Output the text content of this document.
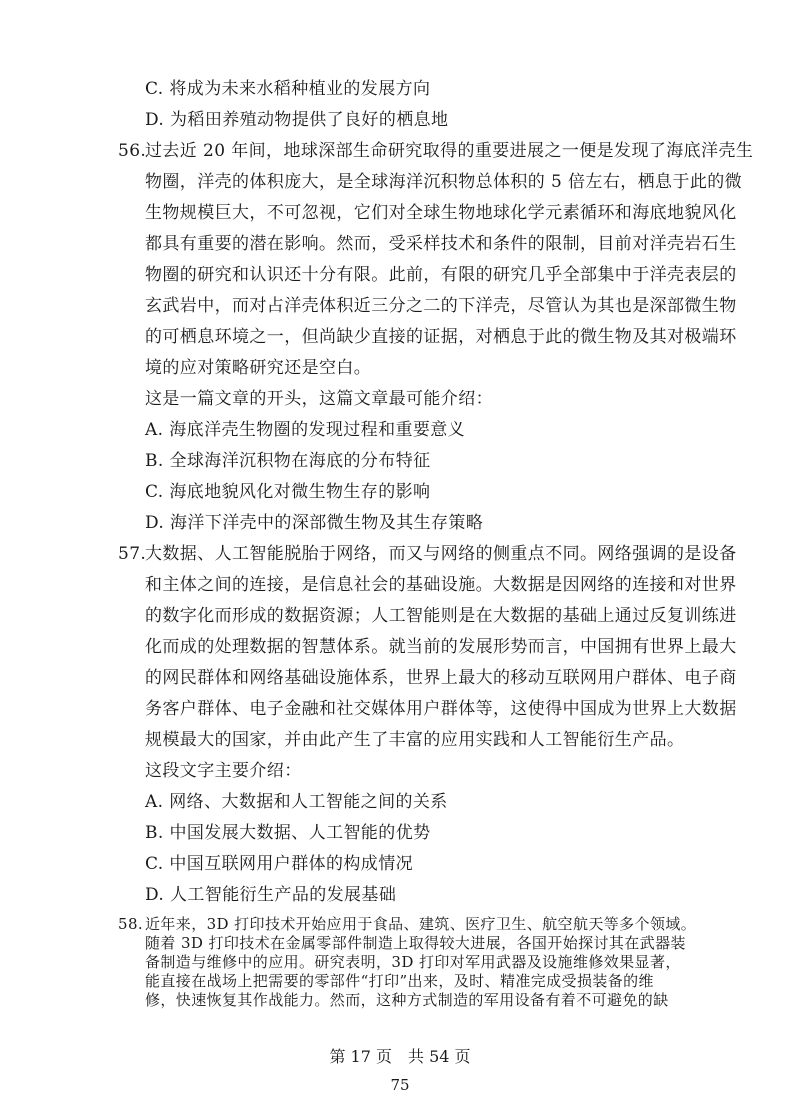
C. 将成为未来水稻种植业的发展方向
D. 为稻田养殖动物提供了良好的栖息地
56.
过去近 20 年间，地球深部生命研究取得的重要进展之一便是发现了海底洋壳生
物圈，洋壳的体积庞大，是全球海洋沉积物总体积的 5 倍左右，栖息于此的微
生物规模巨大，不可忽视，它们对全球生物地球化学元素循环和海底地貌风化
都具有重要的潜在影响。然而，受采样技术和条件的限制，目前对洋壳岩石生
物圈的研究和认识还十分有限。此前，有限的研究几乎全部集中于洋壳表层的
玄武岩中，而对占洋壳体积近三分之二的下洋壳，尽管认为其也是深部微生物
的可栖息环境之一，但尚缺少直接的证据，对栖息于此的微生物及其对极端环
境的应对策略研究还是空白。
这是一篇文章的开头，这篇文章最可能介绍：
A. 海底洋壳生物圈的发现过程和重要意义
B. 全球海洋沉积物在海底的分布特征
C. 海底地貌风化对微生物生存的影响
D. 海洋下洋壳中的深部微生物及其生存策略
57.
大数据、人工智能脱胎于网络，而又与网络的侧重点不同。网络强调的是设备
和主体之间的连接，是信息社会的基础设施。大数据是因网络的连接和对世界
的数字化而形成的数据资源；人工智能则是在大数据的基础上通过反复训练进
化而成的处理数据的智慧体系。就当前的发展形势而言，中国拥有世界上最大
的网民群体和网络基础设施体系，世界上最大的移动互联网用户群体、电子商
务客户群体、电子金融和社交媒体用户群体等，这使得中国成为世界上大数据
规模最大的国家，并由此产生了丰富的应用实践和人工智能衍生产品。
这段文字主要介绍：
A. 网络、大数据和人工智能之间的关系
B. 中国发展大数据、人工智能的优势
C. 中国互联网用户群体的构成情况
D. 人工智能衍生产品的发展基础
58.
第 17 页　共 54 页
75
近年来，3D 打印技术开始应用于食品、建筑、医疗卫生、航空航天等多个领域。
随着 3D 打印技术在金属零部件制造上取得较大进展，各国开始探讨其在武器装
备制造与维修中的应用。研究表明，3D 打印对军用武器及设施维修效果显著，
能直接在战场上把需要的零部件“打印”出来，及时、精准完成受损装备的维
修，快速恢复其作战能力。然而，这种方式制造的军用设备有着不可避免的缺
